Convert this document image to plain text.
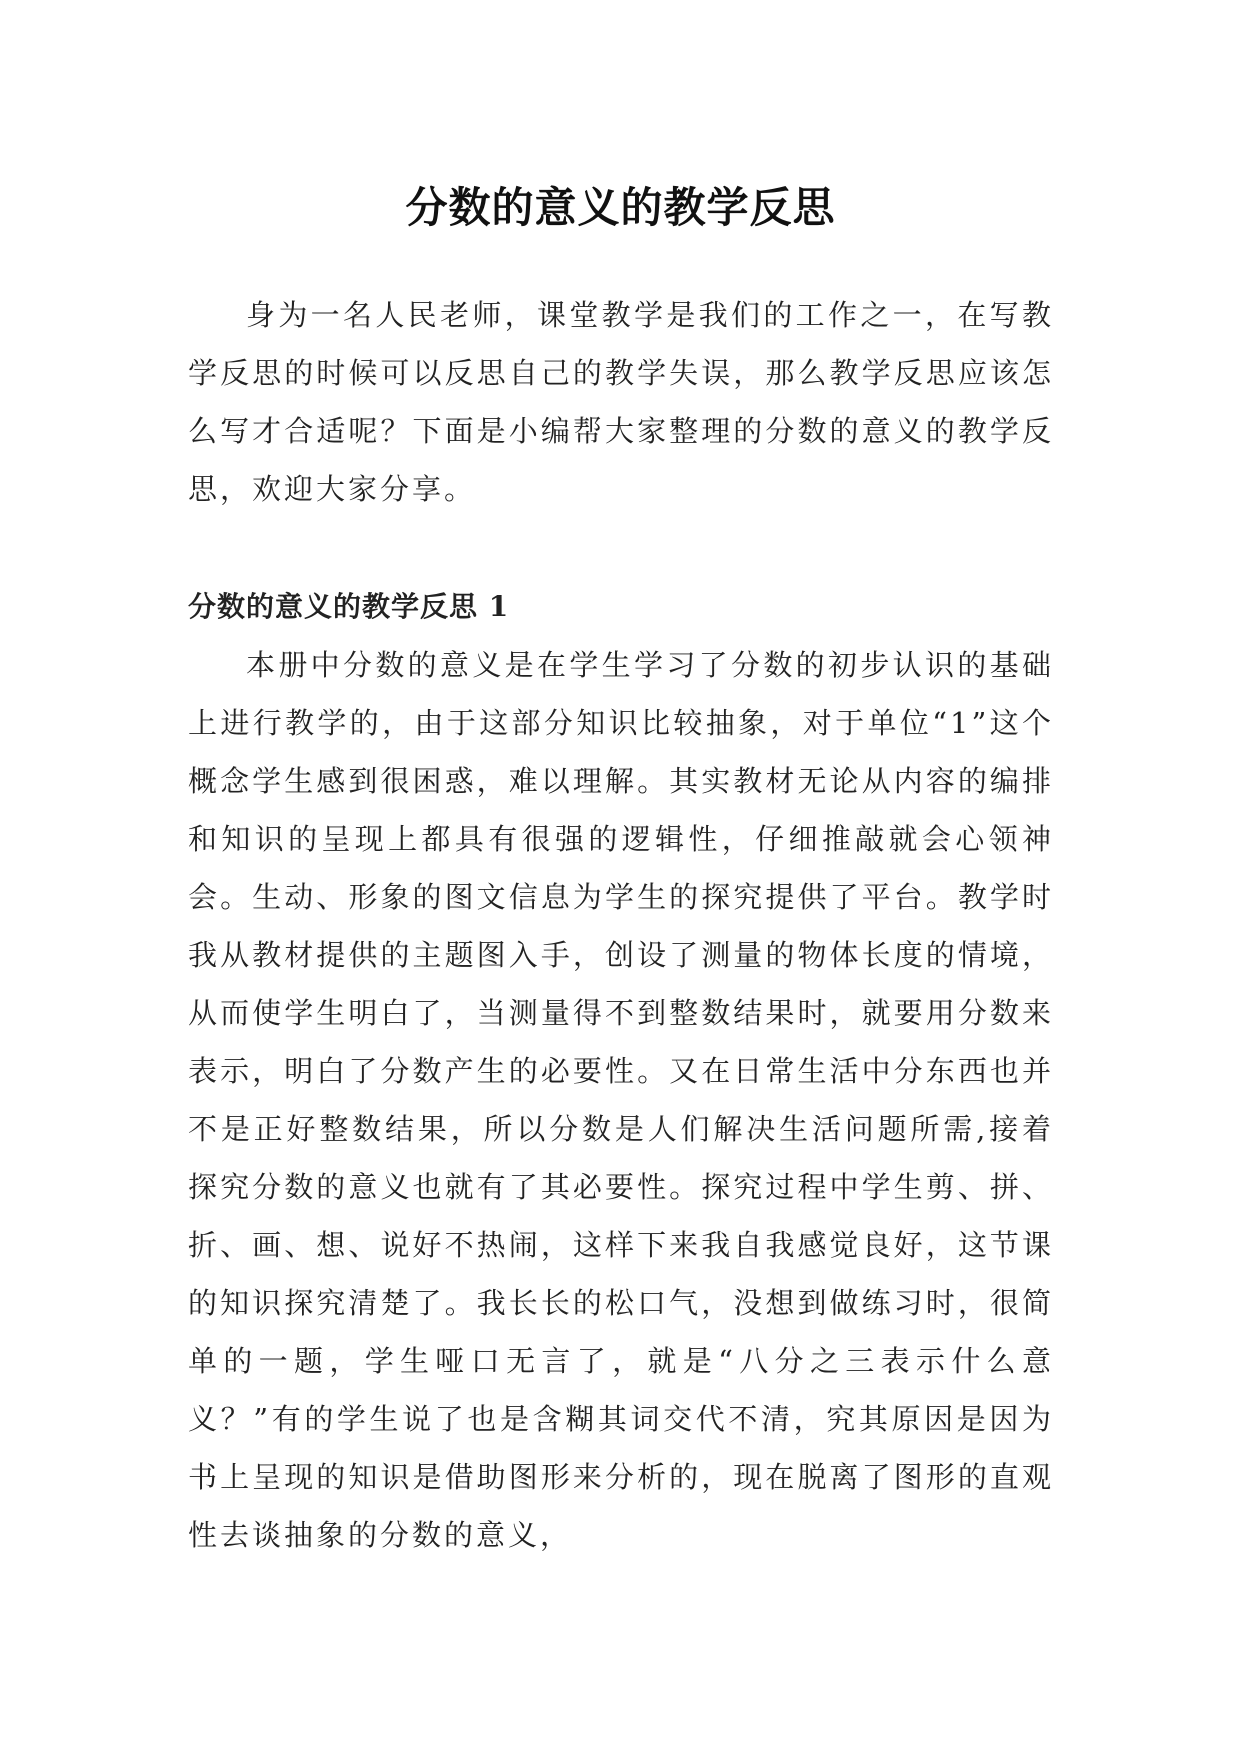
分数的意义的教学反思

身为一名人民老师，课堂教学是我们的工作之一，在写教学反思的时候可以反思自己的教学失误，那么教学反思应该怎么写才合适呢？下面是小编帮大家整理的分数的意义的教学反思，欢迎大家分享。

分数的意义的教学反思 1

本册中分数的意义是在学生学习了分数的初步认识的基础上进行教学的，由于这部分知识比较抽象，对于单位“1”这个概念学生感到很困惑，难以理解。其实教材无论从内容的编排和知识的呈现上都具有很强的逻辑性，仔细推敲就会心领神会。生动、形象的图文信息为学生的探究提供了平台。教学时我从教材提供的主题图入手，创设了测量的物体长度的情境，从而使学生明白了，当测量得不到整数结果时，就要用分数来表示，明白了分数产生的必要性。又在日常生活中分东西也并不是正好整数结果，所以分数是人们解决生活问题所需,接着探究分数的意义也就有了其必要性。探究过程中学生剪、拼、折、画、想、说好不热闹，这样下来我自我感觉良好，这节课的知识探究清楚了。我长长的松口气，没想到做练习时，很简单的一题，学生哑口无言了，就是“八分之三表示什么意义？”有的学生说了也是含糊其词交代不清，究其原因是因为书上呈现的知识是借助图形来分析的，现在脱离了图形的直观性去谈抽象的分数的意义，
